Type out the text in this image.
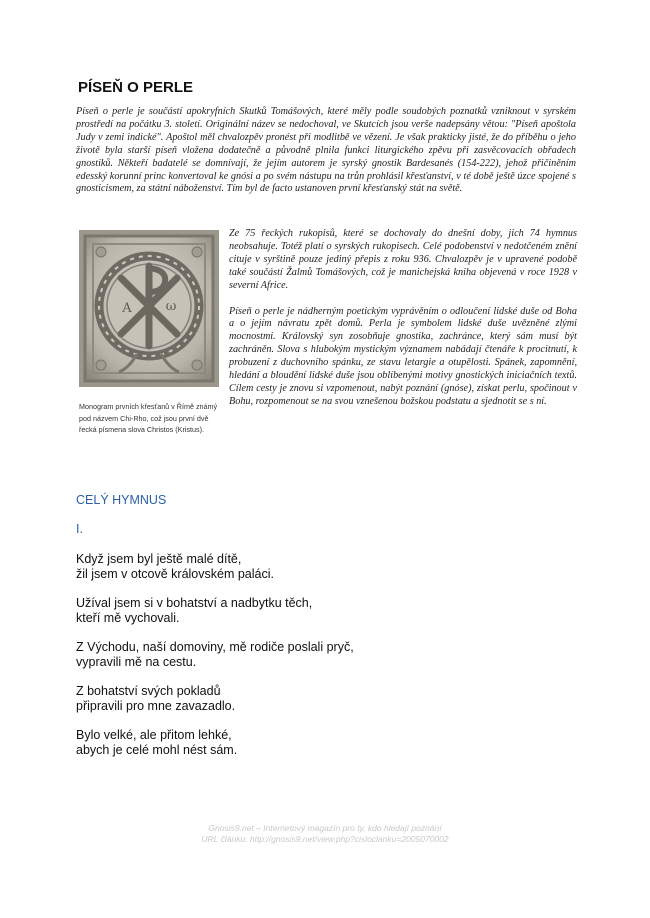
PÍSEŇ O PERLE

Píseň o perle je součástí apokryfních Skutků Tomášových, které měly podle soudobých poznatků vzniknout v syrském prostředí na počátku 3. století. Originální název se nedochoval, ve Skutcích jsou verše nadepsány větou: "Píseň apoštola Judy v zemi indické". Apoštol měl chvalozpěv pronést při modlitbě ve vězení. Je však prakticky jisté, že do příběhu o jeho životě byla starší píseň vložena dodatečně a původně plnila funkci liturgického zpěvu při zasvěcovacích obřadech gnostiků. Někteří badatelé se domnívají, že jejím autorem je syrský gnostik Bardesanés (154-222), jehož přičiněním edesský korunní princ konvertoval ke gnósi a po svém nástupu na trůn prohlásil křesťanství, v té době ještě úzce spojené s gnosticismem, za státní náboženství. Tím byl de facto ustanoven první křesťanský stát na světě.

A	ω

Monogram prvních křesťanů v Římě známý pod názvem Chi-Rho, což jsou první dvě řecká písmena slova Christos (Kristus).

Ze 75 řeckých rukopisů, které se dochovaly do dnešní doby, jich 74 hymnus neobsahuje. Totéž platí o syrských rukopisech. Celé podobenství v nedotčeném znění cituje v syrštině pouze jediný přepis z roku 936. Chvalozpěv je v upravené podobě také součástí Žalmů Tomášových, což je manichejská kniha objevená v roce 1928 v severní Africe.

Píseň o perle je nádherným poetickým vyprávěním o odloučení lidské duše od Boha a o jejím návratu zpět domů. Perla je symbolem lidské duše uvězněné zlými mocnostmi. Královský syn zosobňuje gnostika, zachránce, který sám musí být zachráněn. Slova s hlubokým mystickým významem nabádají čtenáře k procitnutí, k probuzení z duchovního spánku, ze stavu letargie a otupělosti. Spánek, zapomnění, hledání a bloudění lidské duše jsou oblíbenými motivy gnostických iniciačních textů. Cílem cesty je znovu si vzpomenout, nabýt poznání (gnóse), získat perlu, spočinout v Bohu, rozpomenout se na svou vznešenou božskou podstatu a sjednotit se s ní.

CELÝ HYMNUS
I.
Když jsem byl ještě malé dítě,
žil jsem v otcově královském paláci.
Užíval jsem si v bohatství a nadbytku těch,
kteří mě vychovali.
Z Východu, naší domoviny, mě rodiče poslali pryč,
vypravili mě na cestu.
Z bohatství svých pokladů
připravili pro mne zavazadlo.
Bylo velké, ale přitom lehké,
abych je celé mohl nést sám.
Gnosis9.net – Internetový magazín pro ty, kdo hledají poznání
URL článku: http://gnosis9.net/view.php?cisloclanku=2005070002
